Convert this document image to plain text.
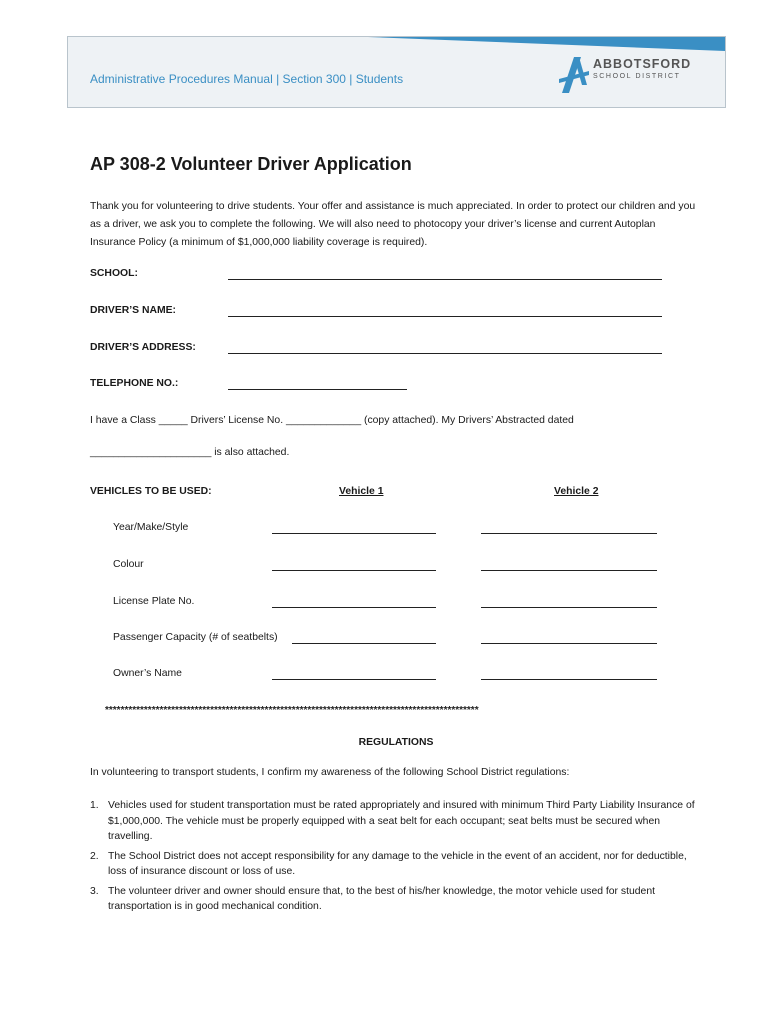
Administrative Procedures Manual | Section 300 | Students
ABBOTSFORD
SCHOOL DISTRICT
AP 308-2 Volunteer Driver Application

Thank you for volunteering to drive students. Your offer and assistance is much appreciated. In order to protect our children and you as a driver, we ask you to complete the following. We will also need to photocopy your driver’s license and current Autoplan Insurance Policy (a minimum of $1,000,000 liability coverage is required).

SCHOOL:
DRIVER’S NAME:
DRIVER’S ADDRESS:
TELEPHONE NO.:
I have a Class _____ Drivers’ License No. _____________ (copy attached). My Drivers’ Abstracted dated
_____________________ is also attached.
VEHICLES TO BE USED:	Vehicle 1	Vehicle 2
Year/Make/Style
Colour
License Plate No.
Passenger Capacity (# of seatbelts)
Owner’s Name
************************************************************************************************
REGULATIONS
In volunteering to transport students, I confirm my awareness of the following School District regulations:
1. Vehicles used for student transportation must be rated appropriately and insured with minimum Third Party Liability Insurance of $1,000,000. The vehicle must be properly equipped with a seat belt for each occupant; seat belts must be secured when travelling.
2. The School District does not accept responsibility for any damage to the vehicle in the event of an accident, nor for deductible, loss of insurance discount or loss of use.
3. The volunteer driver and owner should ensure that, to the best of his/her knowledge, the motor vehicle used for student transportation is in good mechanical condition.
